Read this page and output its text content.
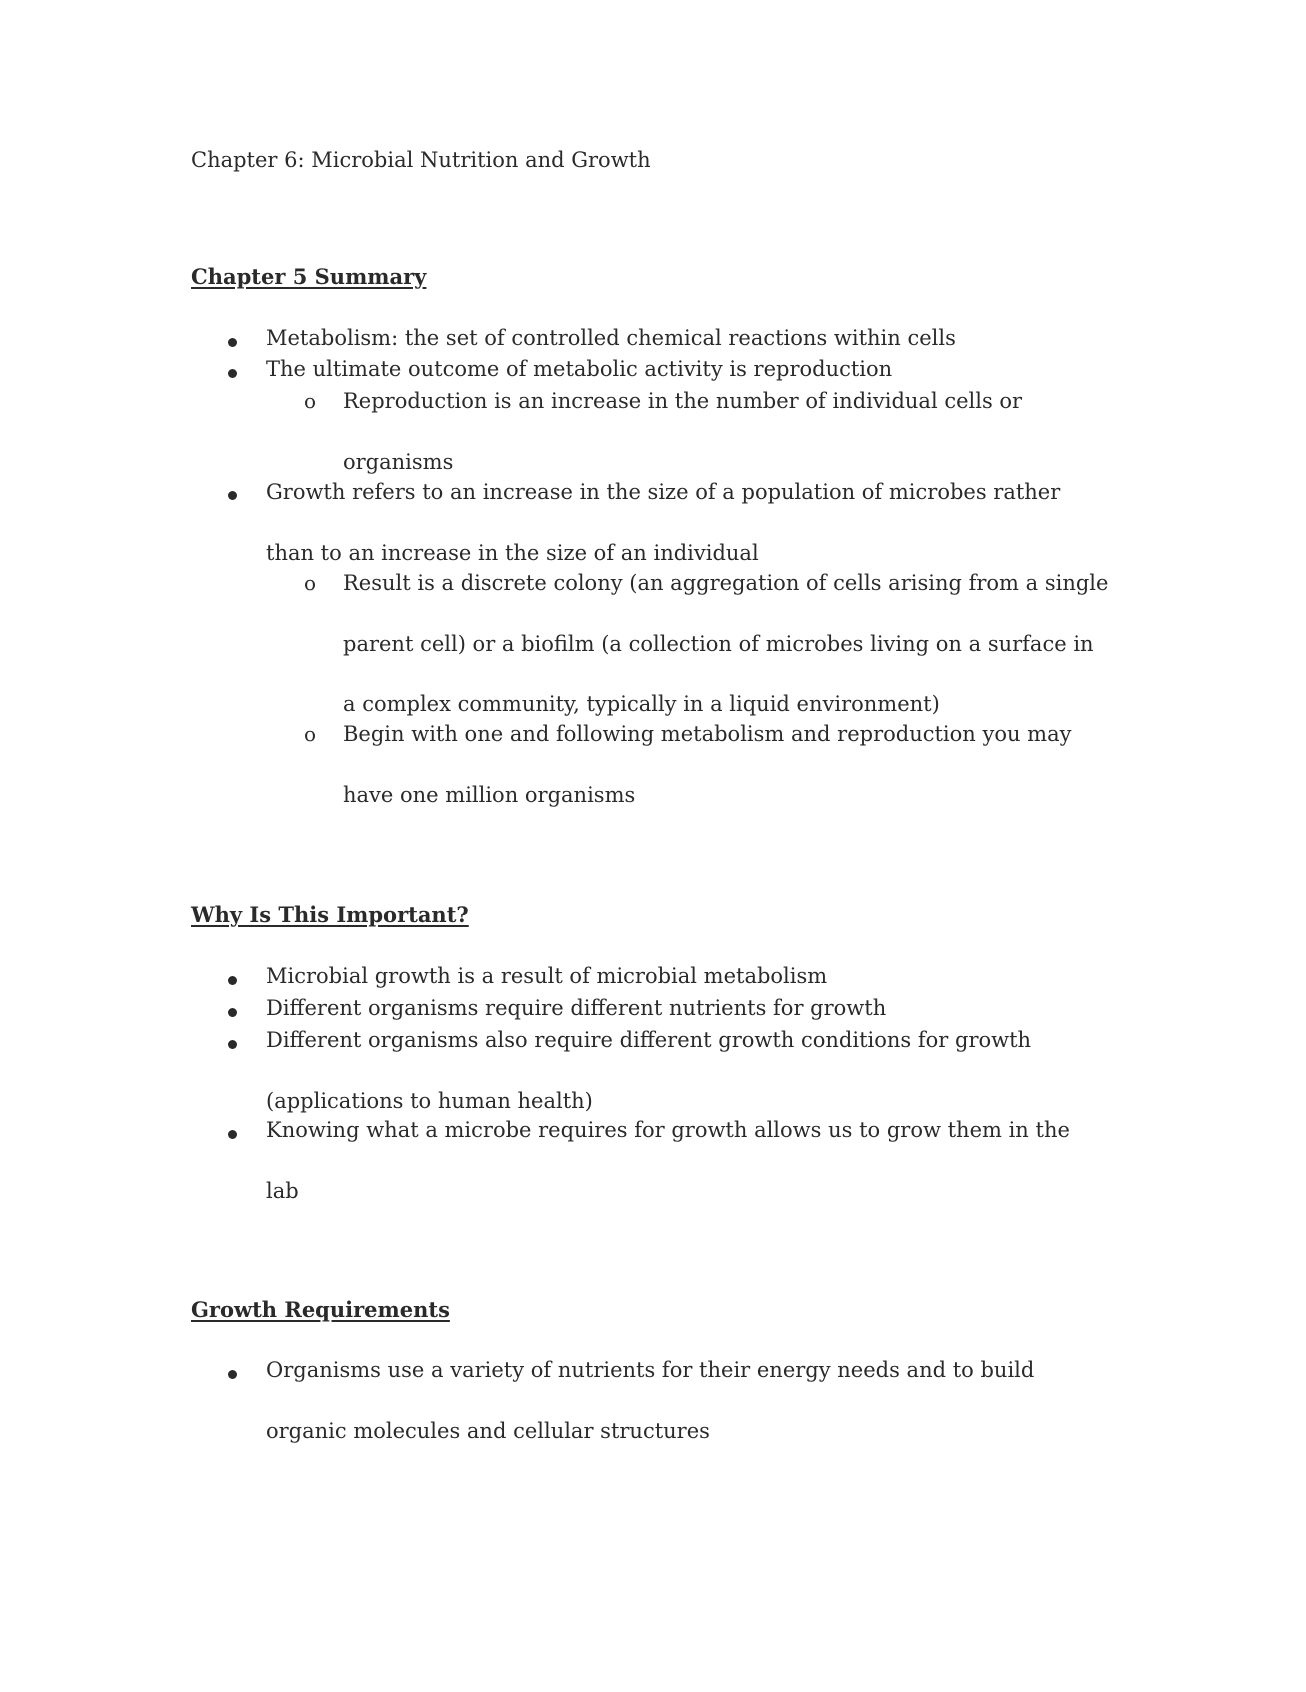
Chapter 6: Microbial Nutrition and Growth
Chapter 5 Summary
Metabolism: the set of controlled chemical reactions within cells
The ultimate outcome of metabolic activity is reproduction
o Reproduction is an increase in the number of individual cells or
organisms
Growth refers to an increase in the size of a population of microbes rather
than to an increase in the size of an individual
o Result is a discrete colony (an aggregation of cells arising from a single
parent cell) or a biofilm (a collection of microbes living on a surface in
a complex community, typically in a liquid environment)
o Begin with one and following metabolism and reproduction you may
have one million organisms
Why Is This Important?
Microbial growth is a result of microbial metabolism
Different organisms require different nutrients for growth
Different organisms also require different growth conditions for growth
(applications to human health)
Knowing what a microbe requires for growth allows us to grow them in the
lab
Growth Requirements
Organisms use a variety of nutrients for their energy needs and to build
organic molecules and cellular structures
